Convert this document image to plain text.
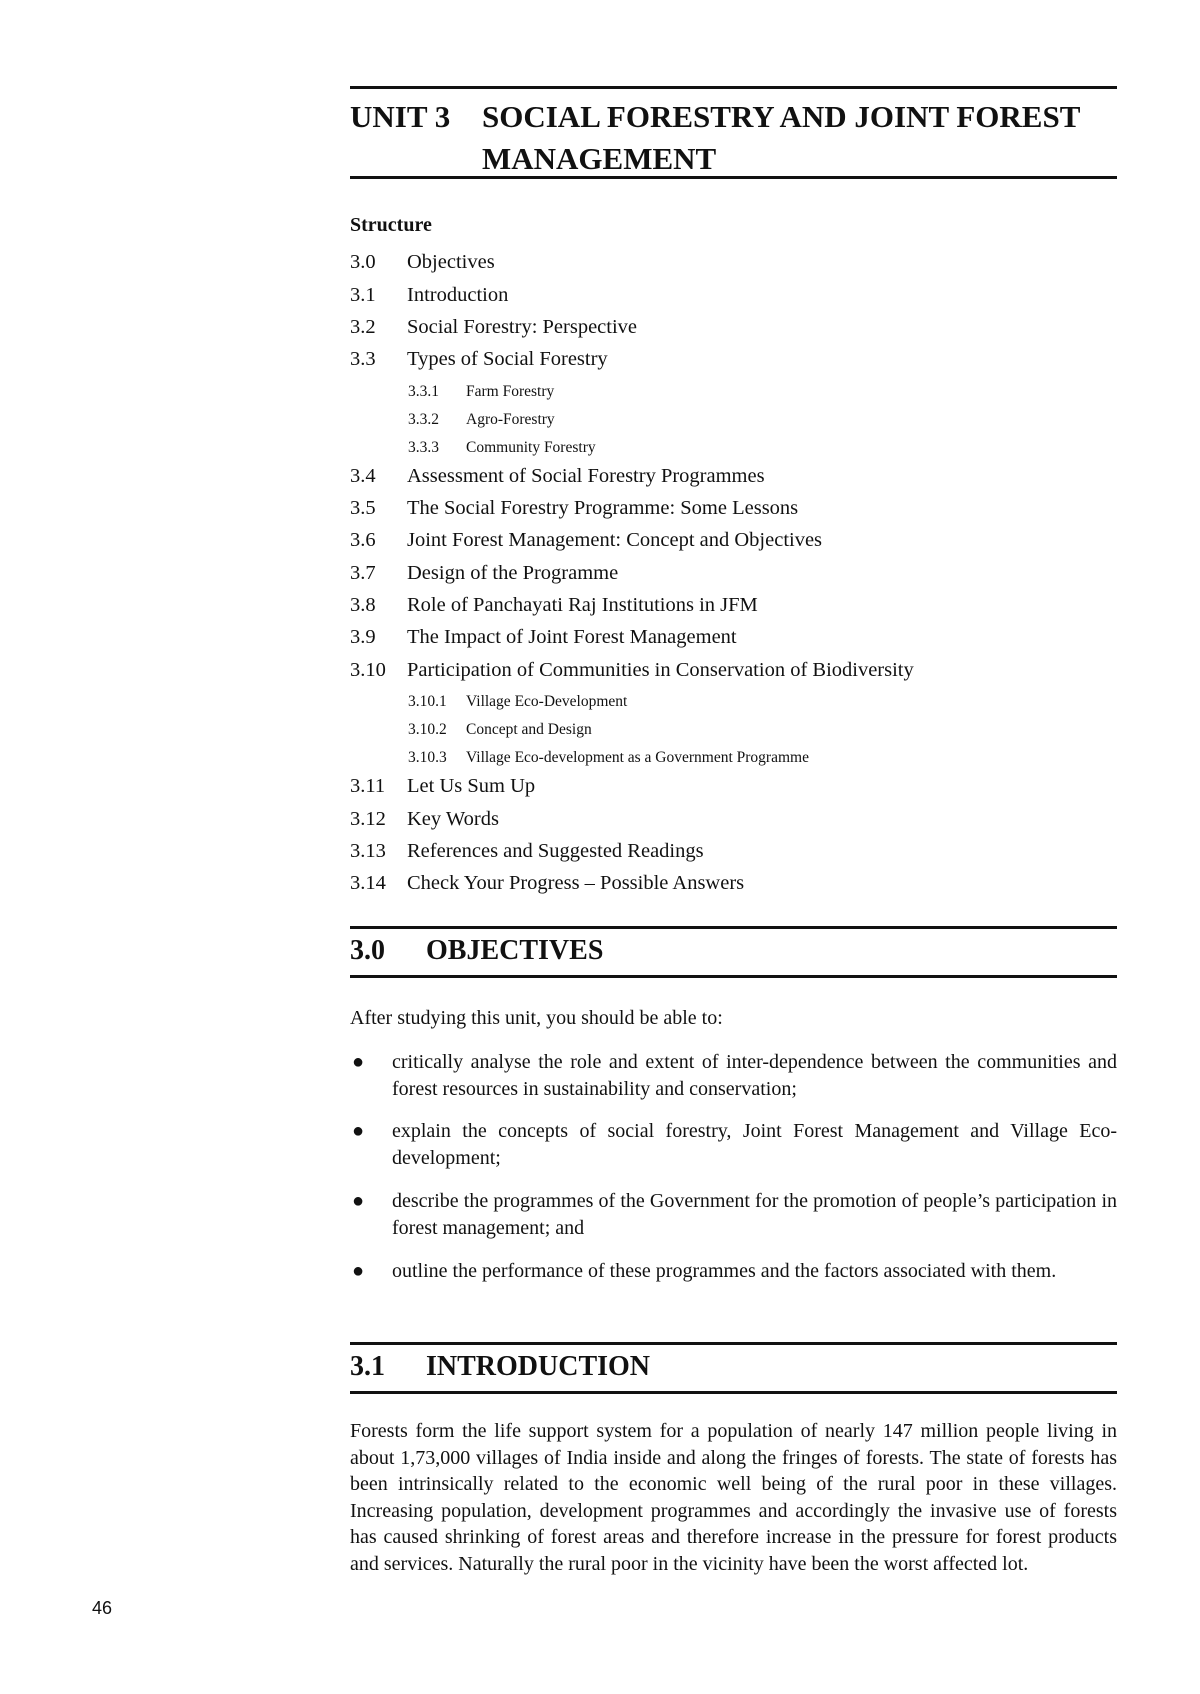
UNIT 3 SOCIAL FORESTRY AND JOINT FOREST MANAGEMENT
Structure
3.0 Objectives
3.1 Introduction
3.2 Social Forestry: Perspective
3.3 Types of Social Forestry
3.3.1 Farm Forestry
3.3.2 Agro-Forestry
3.3.3 Community Forestry
3.4 Assessment of Social Forestry Programmes
3.5 The Social Forestry Programme: Some Lessons
3.6 Joint Forest Management: Concept and Objectives
3.7 Design of the Programme
3.8 Role of Panchayati Raj Institutions in JFM
3.9 The Impact of Joint Forest Management
3.10 Participation of Communities in Conservation of Biodiversity
3.10.1 Village Eco-Development
3.10.2 Concept and Design
3.10.3 Village Eco-development as a Government Programme
3.11 Let Us Sum Up
3.12 Key Words
3.13 References and Suggested Readings
3.14 Check Your Progress – Possible Answers
3.0 OBJECTIVES
After studying this unit, you should be able to:
● critically analyse the role and extent of inter-dependence between the communities and forest resources in sustainability and conservation;
● explain the concepts of social forestry, Joint Forest Management and Village Eco-development;
● describe the programmes of the Government for the promotion of people’s participation in forest management; and
● outline the performance of these programmes and the factors associated with them.
3.1 INTRODUCTION
Forests form the life support system for a population of nearly 147 million people living in about 1,73,000 villages of India inside and along the fringes of forests. The state of forests has been intrinsically related to the economic well being of the rural poor in these villages. Increasing population, development programmes and accordingly the invasive use of forests has caused shrinking of forest areas and therefore increase in the pressure for forest products and services. Naturally the rural poor in the vicinity have been the worst affected lot.
46
